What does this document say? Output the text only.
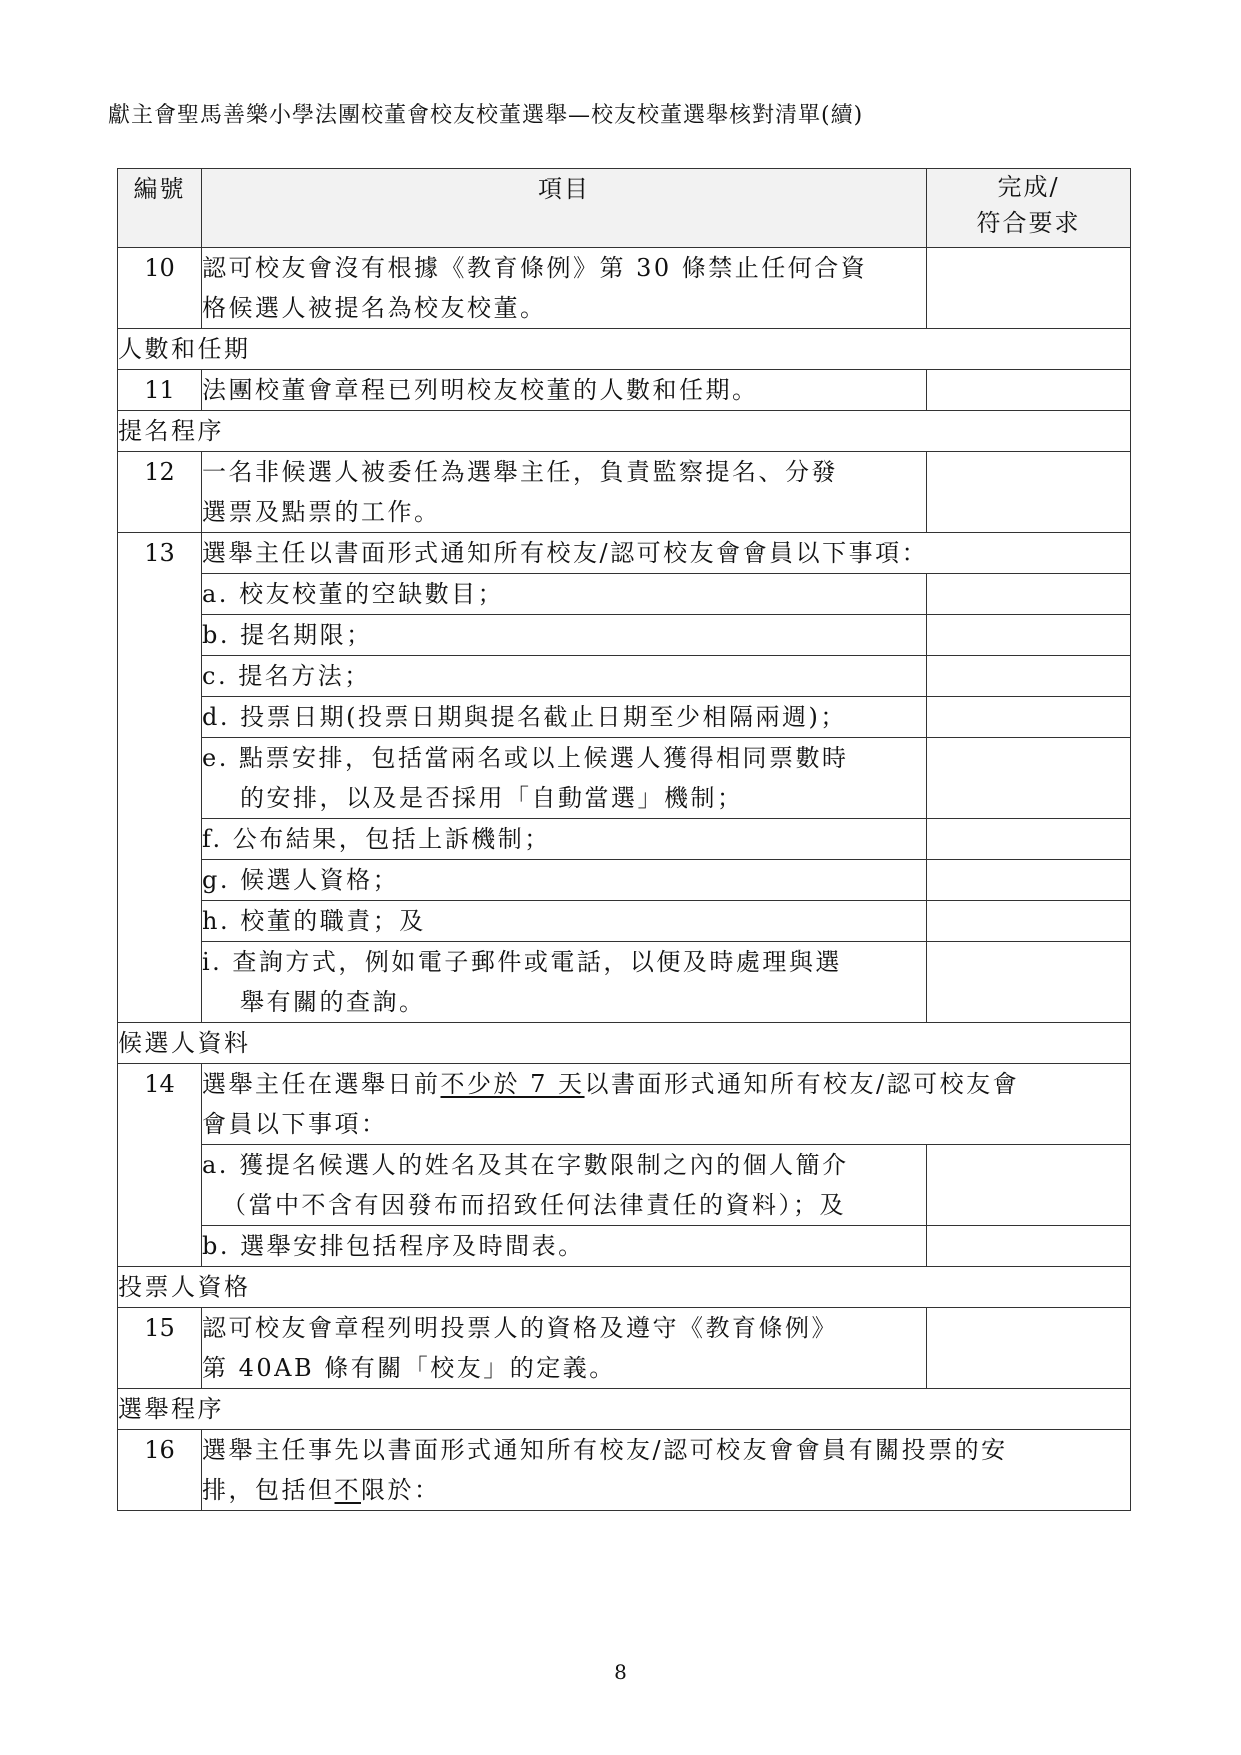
獻主會聖馬善樂小學法團校董會校友校董選舉—校友校董選舉核對清單(續)
編號	項目	完成/
符合要求

10	認可校友會沒有根據《教育條例》第 30 條禁止任何合資
格候選人被提名為校友校董。	

人數和任期		
11	法團校董會章程已列明校友校董的人數和任期。	
提名程序		
12	一名非候選人被委任為選舉主任，負責監察提名、分發
選票及點票的工作。	

13	選舉主任以書面形式通知所有校友/認可校友會會員以下事項：	
	a. 校友校董的空缺數目；	
	b. 提名期限；	
	c. 提名方法；	
	d. 投票日期(投票日期與提名截止日期至少相隔兩週)；	

	e. 點票安排，包括當兩名或以上候選人獲得相同票數時
的安排，以及是否採用「自動當選」機制；	

	f. 公布結果，包括上訴機制；	
	g. 候選人資格；	
	h. 校董的職責；及	

	i. 查詢方式，例如電子郵件或電話，以便及時處理與選
舉有關的查詢。	

候選人資料		
14	選舉主任在選舉日前不少於 7 天以書面形式通知所有校友/認可校友會
會員以下事項：	

	a. 獲提名候選人的姓名及其在字數限制之內的個人簡介
（當中不含有因發布而招致任何法律責任的資料）；及	

	b. 選舉安排包括程序及時間表。	
投票人資格		
15	認可校友會章程列明投票人的資格及遵守《教育條例》
第 40AB 條有關「校友」的定義。	

選舉程序		
16	選舉主任事先以書面形式通知所有校友/認可校友會會員有關投票的安
排，包括但不限於：	
8
